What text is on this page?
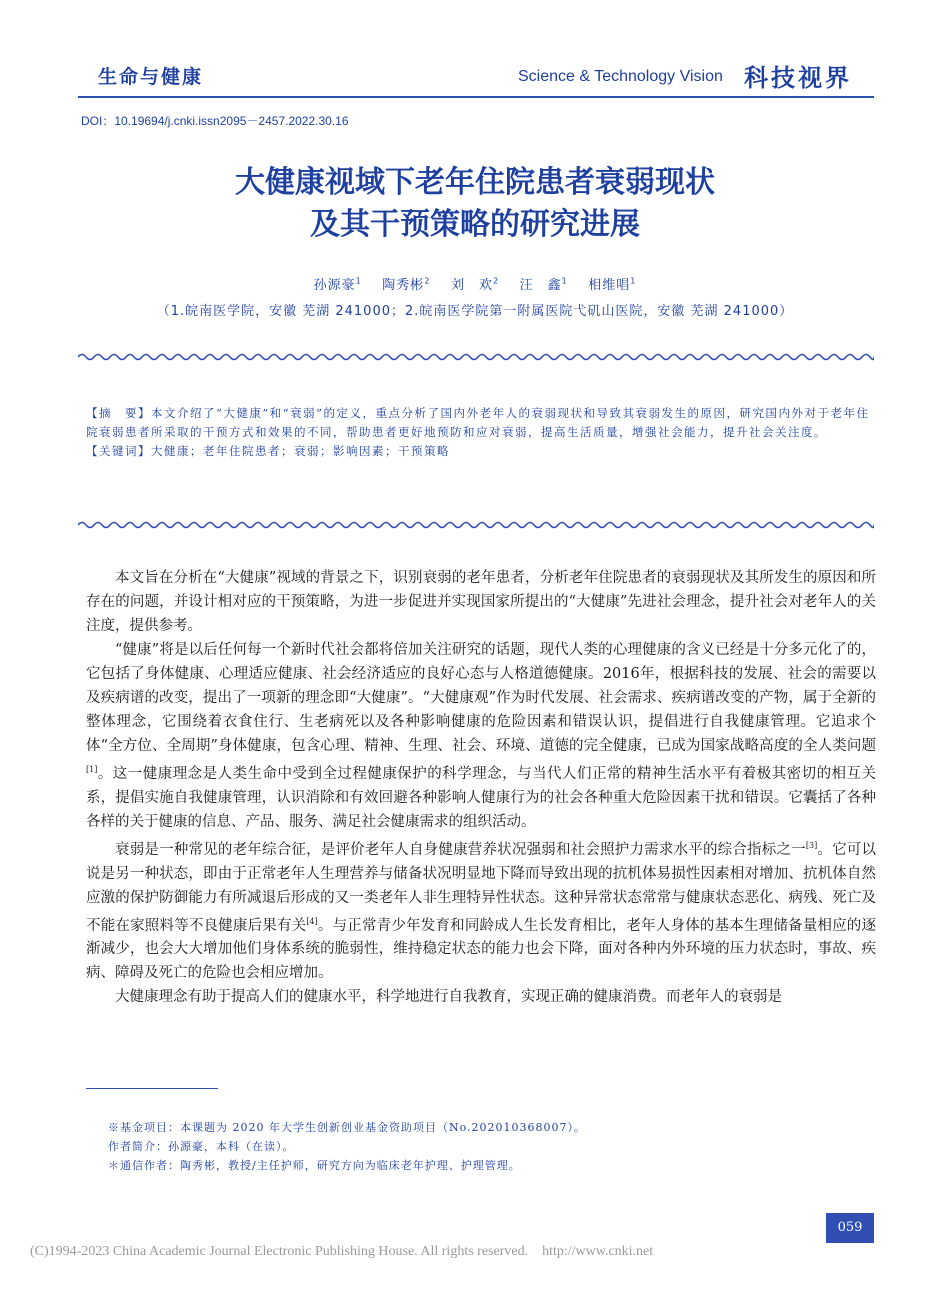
生命与健康	Science & Technology Vision 科技视界
DOI：10.19694/j.cnki.issn2095－2457.2022.30.16
大健康视域下老年住院患者衰弱现状
及其干预策略的研究进展
孙源豪$^1$ 陶秀彬$^2$ 刘　欢$^2$ 汪　鑫$^1$ 相维唱$^1$
（1.皖南医学院，安徽 芜湖 241000；2.皖南医学院第一附属医院弋矶山医院，安徽 芜湖 241000）

【摘　要】本文介绍了“大健康”和“衰弱”的定义，重点分析了国内外老年人的衰弱现状和导致其衰弱发生的原因，研究国内外对于老年住院衰弱患者所采取的干预方式和效果的不同，帮助患者更好地预防和应对衰弱，提高生活质量，增强社会能力，提升社会关注度。

【关键词】大健康；老年住院患者；衰弱；影响因素；干预策略

本文旨在分析在“大健康”视域的背景之下，识别衰弱的老年患者，分析老年住院患者的衰弱现状及其所发生的原因和所存在的问题，并设计相对应的干预策略，为进一步促进并实现国家所提出的“大健康”先进社会理念，提升社会对老年人的关注度，提供参考。

“健康”将是以后任何每一个新时代社会都将倍加关注研究的话题，现代人类的心理健康的含义已经是十分多元化了的，它包括了身体健康、心理适应健康、社会经济适应的良好心态与人格道德健康。2016年，根据科技的发展、社会的需要以及疾病谱的改变，提出了一项新的理念即“大健康”。“大健康观”作为时代发展、社会需求、疾病谱改变的产物，属于全新的整体理念，它围绕着衣食住行、生老病死以及各种影响健康的危险因素和错误认识，提倡进行自我健康管理。它追求个体“全方位、全周期”身体健康，包含心理、精神、生理、社会、环境、道德的完全健康，已成为国家战略高度的全人类问题[1]。这一健康理念是人类生命中受到全过程健康保护的科学理念，与当代人们正常的精神生活水平有着极其密切的相互关系，提倡实施自我健康管理，认识消除和有效回避各种影响人健康行为的社会各种重大危险因素干扰和错误。它囊括了各种各样的关于健康的信息、产品、服务、满足社会健康需求的组织活动。

衰弱是一种常见的老年综合征，是评价老年人自身健康营养状况强弱和社会照护力需求水平的综合指标之一[3]。它可以说是另一种状态，即由于正常老年人生理营养与储备状况明显地下降而导致出现的抗机体易损性因素相对增加、抗机体自然应激的保护防御能力有所减退后形成的又一类老年人非生理特异性状态。这种异常状态常常与健康状态恶化、病残、死亡及不能在家照料等不良健康后果有关[4]。与正常青少年发育和同龄成人生长发育相比，老年人身体的基本生理储备量相应的逐渐减少，也会大大增加他们身体系统的脆弱性，维持稳定状态的能力也会下降，面对各种内外环境的压力状态时，事故、疾病、障碍及死亡的危险也会相应增加。

大健康理念有助于提高人们的健康水平，科学地进行自我教育，实现正确的健康消费。而老年人的衰弱是

※基金项目：本课题为 2020 年大学生创新创业基金资助项目（No.202010368007）。

作者简介：孙源豪，本科（在读）。

＊通信作者：陶秀彬，教授/主任护师，研究方向为临床老年护理、护理管理。

059
(C)1994-2023 China Academic Journal Electronic Publishing House. All rights reserved.    http://www.cnki.net
